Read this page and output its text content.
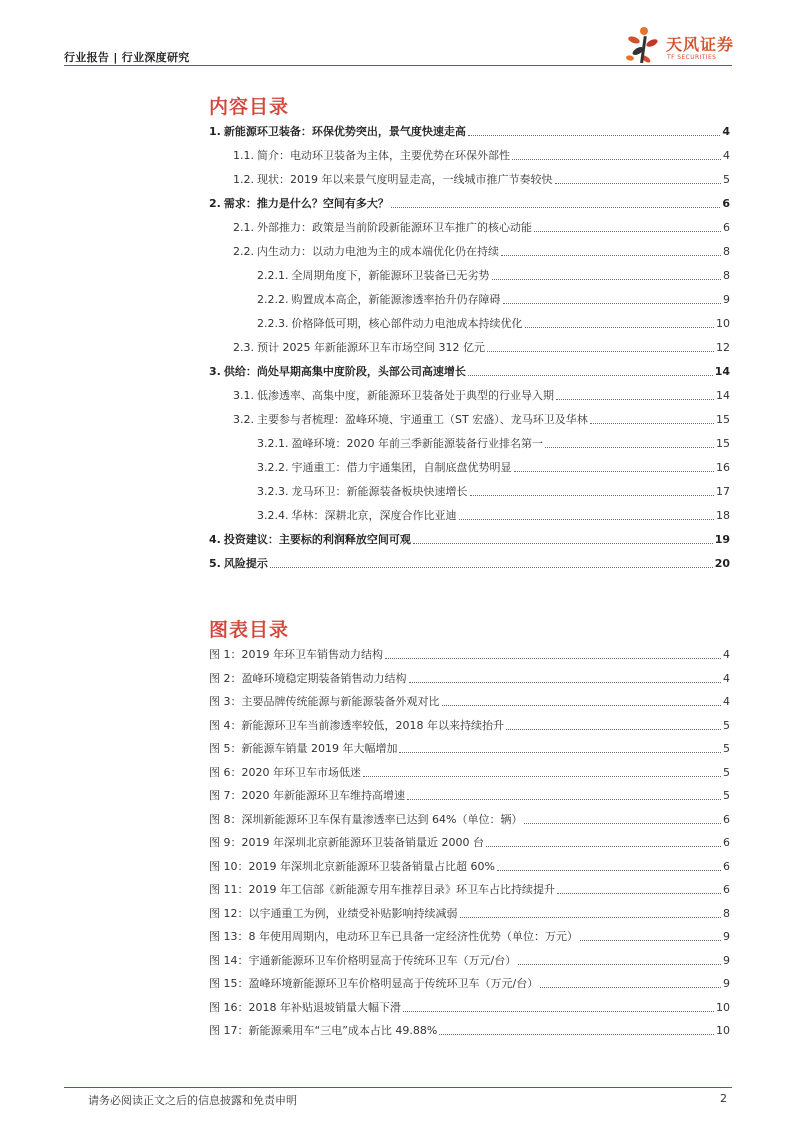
行业报告 | 行业深度研究
天风证券
TF SECURITIES
内容目录
1. 新能源环卫装备：环保优势突出，景气度快速走高	4
1.1. 简介：电动环卫装备为主体，主要优势在环保外部性	4
1.2. 现状：2019 年以来景气度明显走高，一线城市推广节奏较快	5
2. 需求：推力是什么？空间有多大？	6
2.1. 外部推力：政策是当前阶段新能源环卫车推广的核心动能	6
2.2. 内生动力：以动力电池为主的成本端优化仍在持续	8
2.2.1. 全周期角度下，新能源环卫装备已无劣势	8
2.2.2. 购置成本高企，新能源渗透率抬升仍存障碍	9
2.2.3. 价格降低可期，核心部件动力电池成本持续优化	10
2.3. 预计 2025 年新能源环卫车市场空间 312 亿元	12
3. 供给：尚处早期高集中度阶段，头部公司高速增长	14
3.1. 低渗透率、高集中度，新能源环卫装备处于典型的行业导入期	14
3.2. 主要参与者梳理：盈峰环境、宇通重工（ST 宏盛）、龙马环卫及华林	15
3.2.1. 盈峰环境：2020 年前三季新能源装备行业排名第一	15
3.2.2. 宇通重工：借力宇通集团，自制底盘优势明显	16
3.2.3. 龙马环卫：新能源装备板块快速增长	17
3.2.4. 华林：深耕北京，深度合作比亚迪	18
4. 投资建议：主要标的利润释放空间可观	19
5. 风险提示	20
图表目录
图 1：2019 年环卫车销售动力结构	4
图 2：盈峰环境稳定期装备销售动力结构	4
图 3：主要品牌传统能源与新能源装备外观对比	4
图 4：新能源环卫车当前渗透率较低，2018 年以来持续抬升	5
图 5：新能源车销量 2019 年大幅增加	5
图 6：2020 年环卫车市场低迷	5
图 7：2020 年新能源环卫车维持高增速	5
图 8：深圳新能源环卫车保有量渗透率已达到 64%（单位：辆）	6
图 9：2019 年深圳北京新能源环卫装备销量近 2000 台	6
图 10：2019 年深圳北京新能源环卫装备销量占比超 60%	6
图 11：2019 年工信部《新能源专用车推荐目录》环卫车占比持续提升	6
图 12：以宇通重工为例，业绩受补贴影响持续减弱	8
图 13：8 年使用周期内，电动环卫车已具备一定经济性优势（单位：万元）	9
图 14：宇通新能源环卫车价格明显高于传统环卫车（万元/台）	9
图 15：盈峰环境新能源环卫车价格明显高于传统环卫车（万元/台）	9
图 16：2018 年补贴退坡销量大幅下滑	10
图 17：新能源乘用车“三电”成本占比 49.88%	10
请务必阅读正文之后的信息披露和免责申明	2
